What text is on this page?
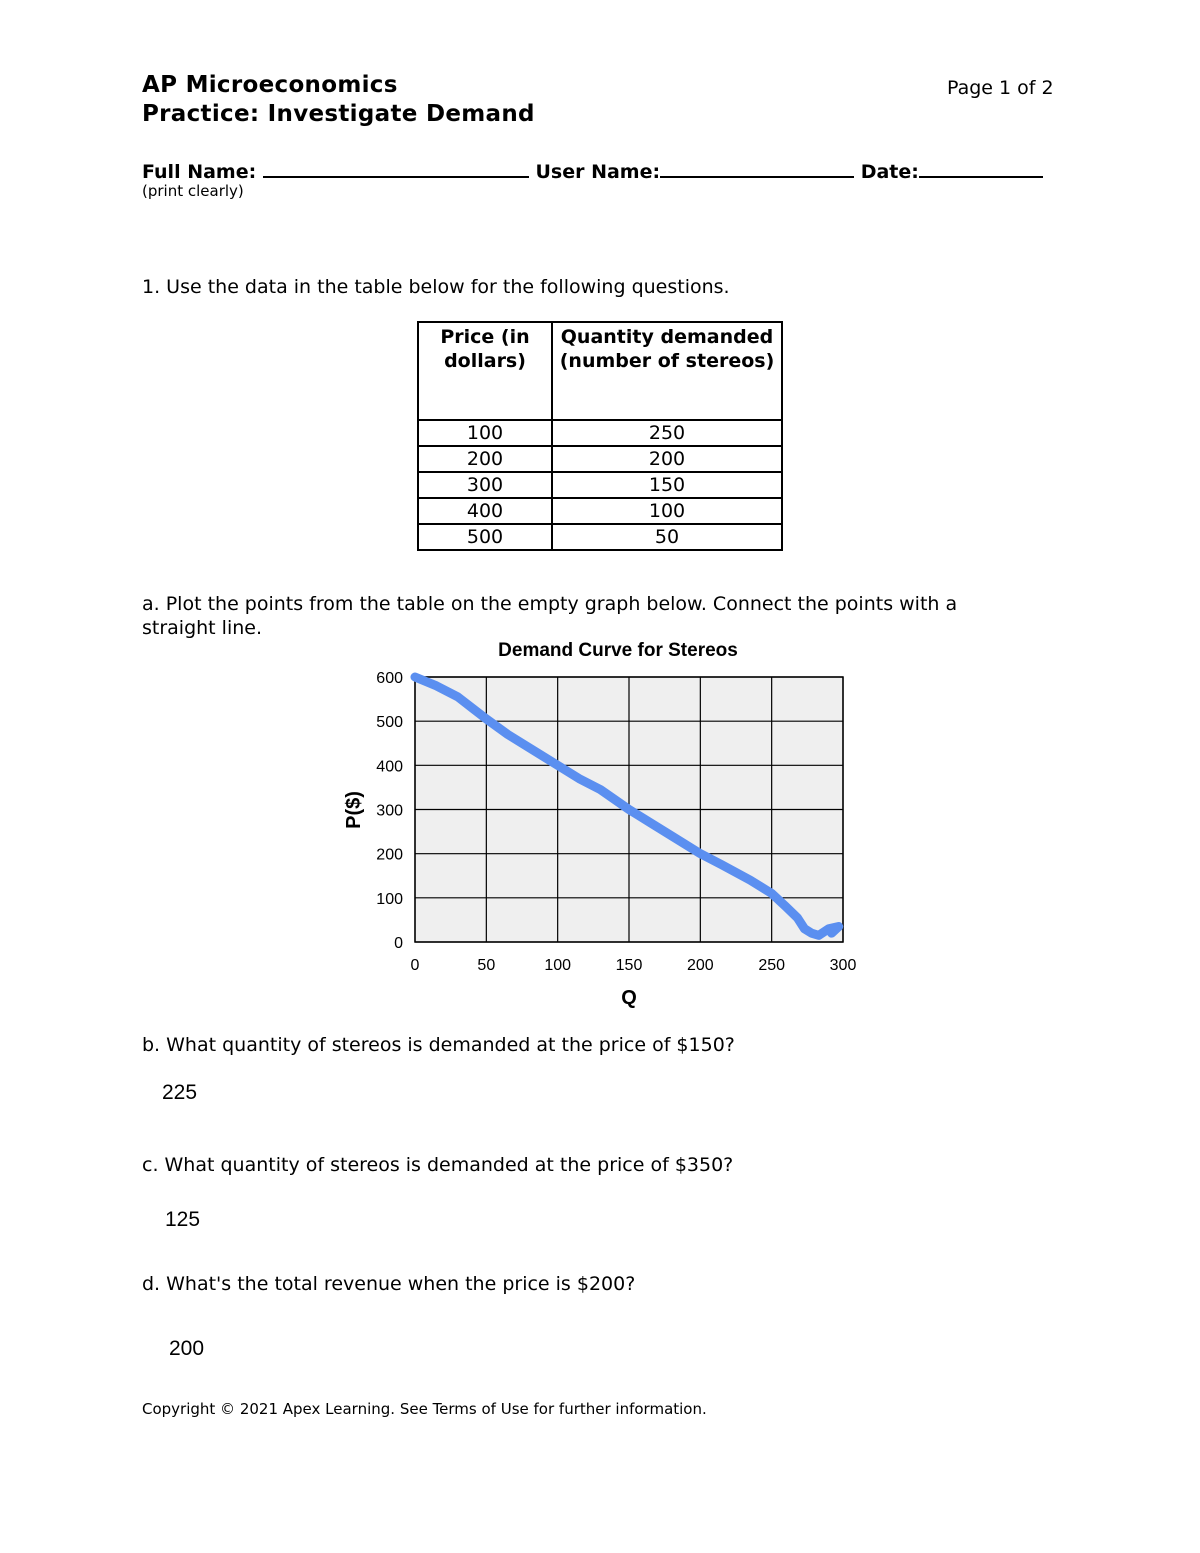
AP Microeconomics
Practice: Investigate Demand
Page 1 of 2
Full Name:	User Name:	Date:
(print clearly)
1. Use the data in the table below for the following questions.
Price (in dollars)	Quantity demanded (number of stereos)
100	250
200	200
300	150
400	100
500	50
a. Plot the points from the table on the empty graph below. Connect the points with a straight line.
Demand Curve for Stereos
0
100
200
300
400
500
600
0	50	100	150	200	250	300
Q
P($)
b. What quantity of stereos is demanded at the price of $150?
225
c. What quantity of stereos is demanded at the price of $350?
125
d. What's the total revenue when the price is $200?
200
Copyright © 2021 Apex Learning. See Terms of Use for further information.
